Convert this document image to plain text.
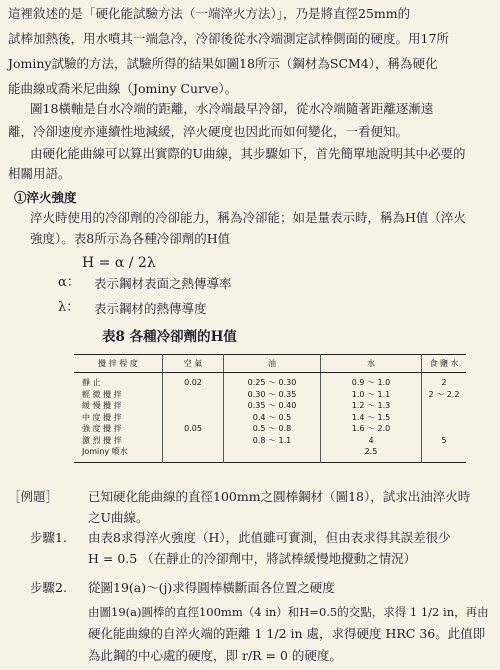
這裡敘述的是「硬化能試驗方法（一端淬火方法）」，乃是將直徑25mm的
試棒加熱後，用水噴其一端急冷，冷卻後從水冷端測定試棒側面的硬度。用17所
Jominy試驗的方法，試驗所得的結果如圖18所示（鋼材為SCM4），稱為硬化
能曲線或喬米尼曲線（Jominy Curve）。
圖18橫軸是自水冷端的距離，水冷端最早冷卻，從水冷端隨著距離逐漸遠
離，冷卻速度亦連續性地減緩，淬火硬度也因此而如何變化，一看便知。
由硬化能曲線可以算出實際的U曲線，其步驟如下，首先簡單地說明其中必要的
相關用語。
①淬火強度
淬火時使用的冷卻劑的冷卻能力，稱為冷卻能；如是量表示時，稱為H值（淬火
強度）。表8所示為各種冷卻劑的H值
H = α / 2λ
α： 表示鋼材表面之熱傳導率
λ： 表示鋼材的熱傳導度
表8 各種冷卻劑的H值
攪 拌 程 度	空 氣	油	水	食 鹽 水
靜 止	0.02	0.25 ～ 0.30	0.9 ～ 1.0	2
輕 微 攪 拌		0.30 ～ 0.35	1.0 ～ 1.1	2 ～ 2.2
緩 慢 攪 拌		0.35 ～ 0.40	1.2 ～ 1.3	
中 度 攪 拌		0.4 ～ 0.5	1.4 ～ 1.5	
強 度 攪 拌	0.05	0.5 ～ 0.8	1.6 ～ 2.0	
激 烈 攪 拌		0.8 ～ 1.1	4	5
Jominy 噴水			2.5	
［例題］ 已知硬化能曲線的直徑100mm之圓棒鋼材（圖18），試求出油淬火時
之U曲線。
步驟1. 由表8求得淬火強度（H），此值雖可實測，但由表求得其誤差很少
H = 0.5 （在靜止的冷卻劑中，將試棒緩慢地攪動之情況）
步驟2. 從圖19(a)～(j)求得圓棒橫斷面各位置之硬度
由圖19(a)圓棒的直徑100mm（4 in）和H=0.5的交點，求得 1 1/2 in，再由
硬化能曲線的自淬火端的距離 1 1/2 in 處，求得硬度 HRC 36。此值即
為此鋼的中心處的硬度，即 r/R = 0 的硬度。
